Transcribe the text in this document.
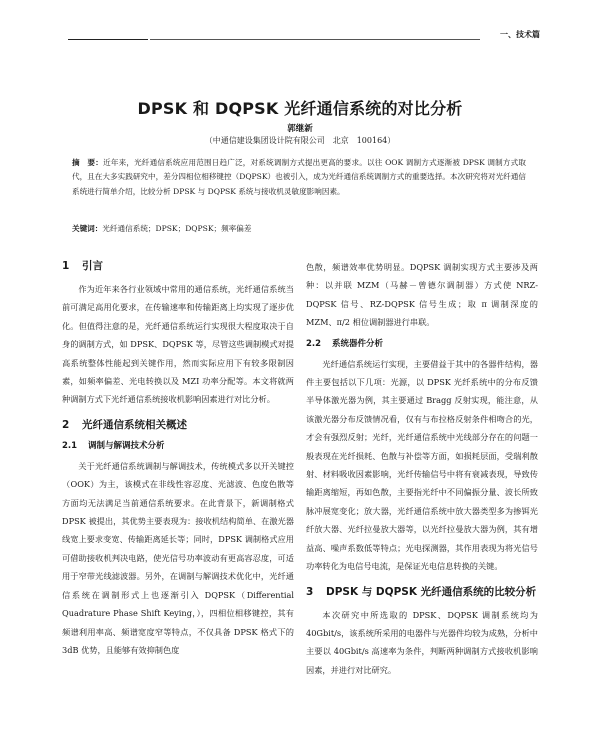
一、技术篇
DPSK 和 DQPSK 光纤通信系统的对比分析
郭继新
（中通信建设集团设计院有限公司　北京　100164）
摘　要：近年来，光纤通信系统应用范围日趋广泛，对系统调制方式提出更高的要求。以往 OOK 调制方式逐渐被 DPSK 调制方式取代，且在大多实践研究中，差分四相位相移键控（DQPSK）也被引入，成为光纤通信系统调制方式的重要选择。本次研究将对光纤通信系统进行简单介绍，比较分析 DPSK 与 DQPSK 系统与接收机灵敏度影响因素。
关键词：光纤通信系统；DPSK；DQPSK；频率偏差
1 引言

作为近年来各行业领域中常用的通信系统，光纤通信系统当前可满足高用化要求，在传输速率和传输距离上均实现了逐步优化。但值得注意的是，光纤通信系统运行实现很大程度取决于自身的调制方式，如 DPSK、DQPSK 等，尽管这些调制模式对提高系统整体性能起到关键作用，然而实际应用下有较多限制因素，如频率偏差、光电转换以及 MZI 功率分配等。本文将就两种调制方式下光纤通信系统接收机影响因素进行对比分析。

2 光纤通信系统相关概述
2.1 调制与解调技术分析

关于光纤通信系统调制与解调技术，传统模式多以开关键控（OOK）为主，该模式在非线性容忍度、光滤波、色度色散等方面均无法满足当前通信系统要求。在此背景下，新调制格式 DPSK 被提出，其优势主要表现为：接收机结构简单、在激光器线宽上要求变宽、传输距离延长等；同时，DPSK 调制格式应用可借助接收机判决电路，使光信号功率波动有更高容忍度，可适用于窄带光线滤波器。另外，在调制与解调技术优化中，光纤通信系统在调制形式上也逐渐引入 DQPSK（Differential Quadrature Phase Shift Keying，），四相位相移键控，其有频谱利用率高、频谱宽度窄等特点，不仅具备 DPSK 格式下的 3dB 优势，且能够有效抑制色度

色散，频谱效率优势明显。DQPSK 调制实现方式主要涉及两种：以并联 MZM（马赫－曾德尔调制器）方式使 NRZ-DQPSK 信号、RZ-DQPSK 信号生成；取 π 调制深度的 MZM、π/2 相位调制器进行串联。

2.2 系统器件分析

光纤通信系统运行实现，主要借益于其中的各器件结构，器件主要包括以下几项：光源，以 DPSK 光纤系统中的分布反馈半导体激光器为例，其主要通过 Bragg 反射实现，能注意，从该激光器分布反馈情况看，仅有与布拉格反射条件相吻合的光，才会有强烈反射；光纤，光纤通信系统中光线部分存在的问题一般表现在光纤损耗、色散与补偿等方面，如损耗层面，受瑞利散射、材料吸收因素影响，光纤传输信号中将有衰减表现，导致传输距离缩短，再如色散，主要指光纤中不同偏振分量、波长所致脉冲展宽变化；放大器，光纤通信系统中放大器类型多为掺铒光纤放大器、光纤拉曼放大器等，以光纤拉曼放大器为例，其有增益高、噪声系数低等特点；光电探测器，其作用表现为将光信号功率转化为电信号电流，是保证光电信息转换的关键。

3 DPSK 与 DQPSK 光纤通信系统的比较分析

本次研究中所选取的 DPSK、DQPSK 调制系统均为 40Gbit/s，该系统所采用的电器件与光器件均较为成熟，分析中主要以 40Gbit/s 高速率为条件，判断两种调制方式接收机影响因素，并进行对比研究。
